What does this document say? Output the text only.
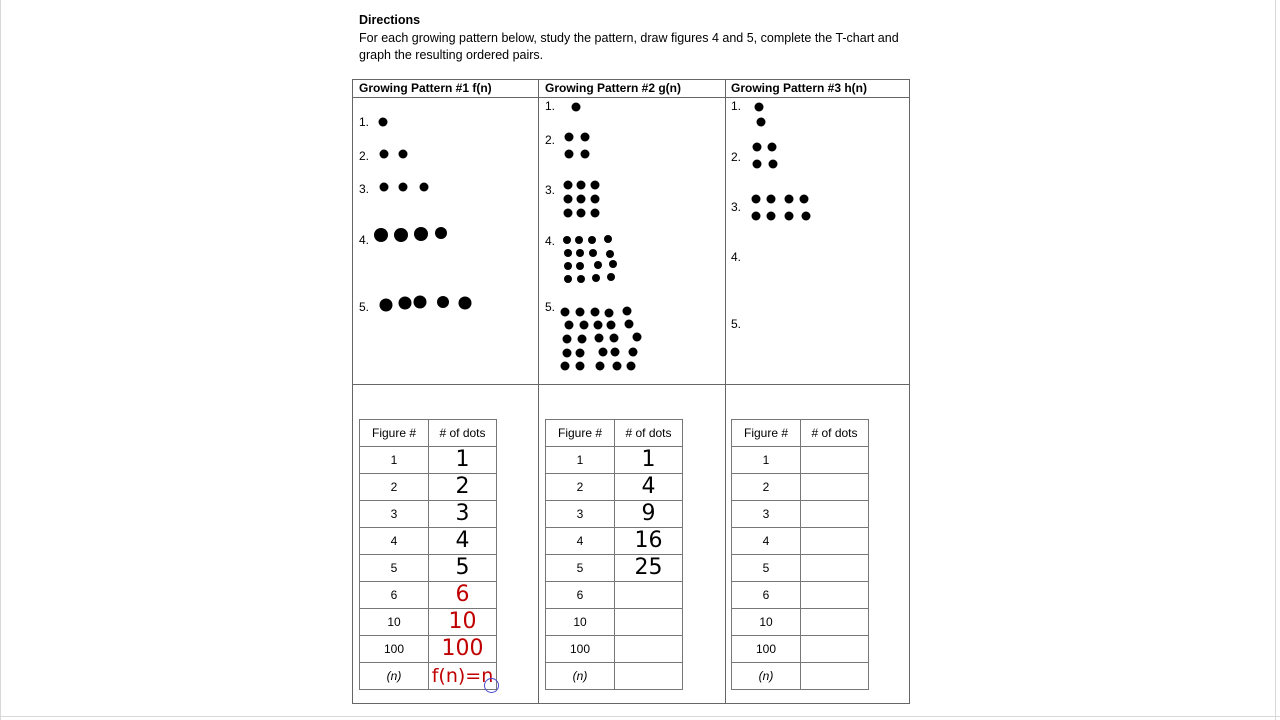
Directions
For each growing pattern below, study the pattern, draw figures 4 and 5, complete the T-chart and graph the resulting ordered pairs.
Growing Pattern #1 f(n)	Growing Pattern #2 g(n)	Growing Pattern #3 h(n)
1.
2.
3.
4.
5.
1.
2.
3.
4.
5.
1.
2.
3.
4.
5.
Figure #	# of dots
1	1
2	2
3	3
4	4
5	5
6	6
10	10
100	100
(n)	f(n)=n
Figure #	# of dots
1	1
2	4
3	9
4	16
5	25
6	
10	
100	
(n)	
Figure #	# of dots
1	
2	
3	
4	
5	
6	
10	
100	
(n)	
